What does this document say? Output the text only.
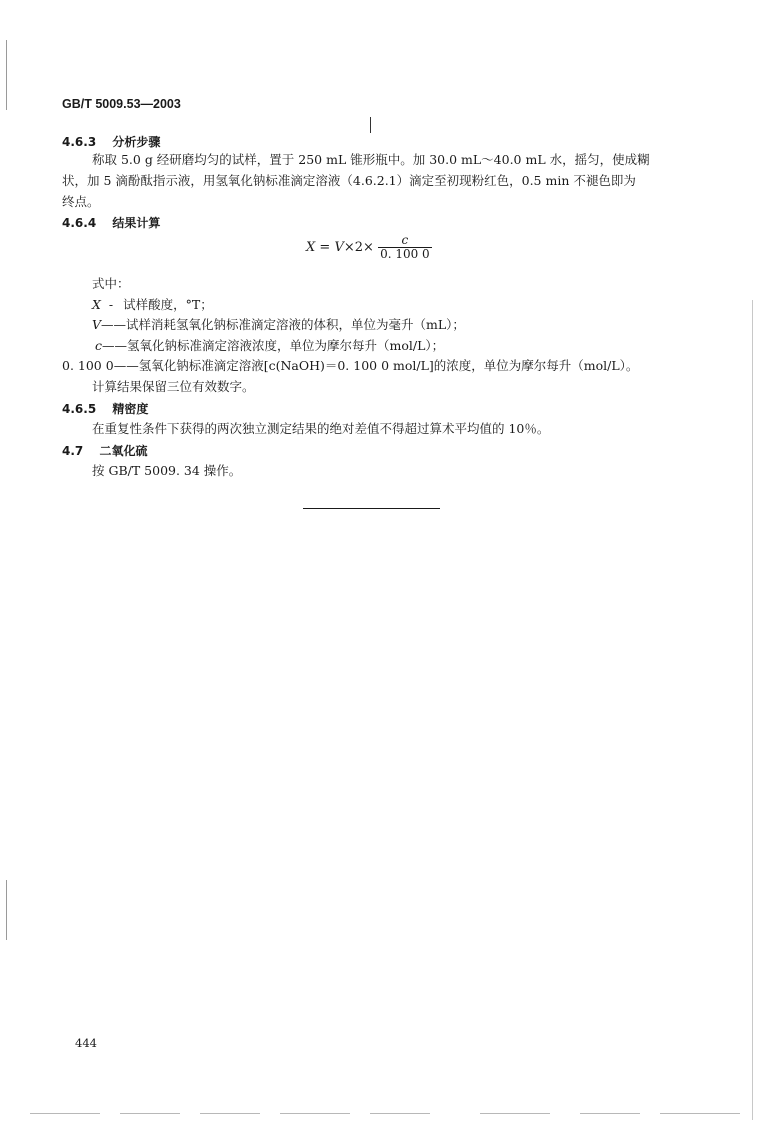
GB/T 5009.53—2003
4.6.3 分析步骤
称取 5.0 g 经研磨均匀的试样，置于 250 mL 锥形瓶中。加 30.0 mL～40.0 mL 水，摇匀，使成糊
状，加 5 滴酚酞指示液，用氢氧化钠标准滴定溶液（4.6.2.1）滴定至初现粉红色，0.5 min 不褪色即为
终点。
4.6.4 结果计算
$X = V\times 2\times \frac{c}{0. 100 0}$
式中：
X - 试样酸度，°T；
V——试样消耗氢氧化钠标准滴定溶液的体积，单位为毫升（mL）；
c——氢氧化钠标准滴定溶液浓度，单位为摩尔每升（mol/L）；
0. 100 0——氢氧化钠标准滴定溶液[c(NaOH)＝0. 100 0 mol/L]的浓度，单位为摩尔每升（mol/L）。
计算结果保留三位有效数字。
4.6.5 精密度
在重复性条件下获得的两次独立测定结果的绝对差值不得超过算术平均值的 10％。
4.7 二氧化硫
按 GB/T 5009. 34 操作。
444
